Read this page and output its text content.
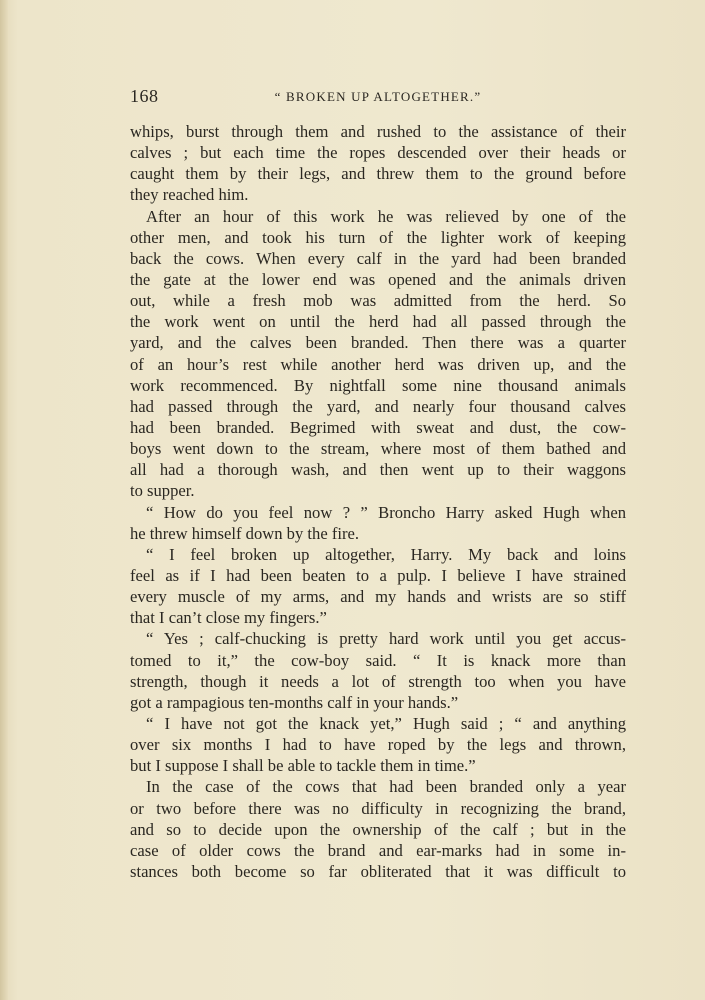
168	“ BROKEN UP ALTOGETHER.”
whips, burst through them and rushed to the assistance of their
calves ; but each time the ropes descended over their heads or
caught them by their legs, and threw them to the ground before
they reached him.
After an hour of this work he was relieved by one of the
other men, and took his turn of the lighter work of keeping
back the cows. When every calf in the yard had been branded
the gate at the lower end was opened and the animals driven
out, while a fresh mob was admitted from the herd. So
the work went on until the herd had all passed through the
yard, and the calves been branded. Then there was a quarter
of an hour’s rest while another herd was driven up, and the
work recommenced. By nightfall some nine thousand animals
had passed through the yard, and nearly four thousand calves
had been branded. Begrimed with sweat and dust, the cow-
boys went down to the stream, where most of them bathed and
all had a thorough wash, and then went up to their waggons
to supper.
“ How do you feel now ? ” Broncho Harry asked Hugh when
he threw himself down by the fire.
“ I feel broken up altogether, Harry. My back and loins
feel as if I had been beaten to a pulp. I believe I have strained
every muscle of my arms, and my hands and wrists are so stiff
that I can’t close my fingers.”
“ Yes ; calf-chucking is pretty hard work until you get accus-
tomed to it,” the cow-boy said. “ It is knack more than
strength, though it needs a lot of strength too when you have
got a rampagious ten-months calf in your hands.”
“ I have not got the knack yet,” Hugh said ; “ and anything
over six months I had to have roped by the legs and thrown,
but I suppose I shall be able to tackle them in time.”
In the case of the cows that had been branded only a year
or two before there was no difficulty in recognizing the brand,
and so to decide upon the ownership of the calf ; but in the
case of older cows the brand and ear-marks had in some in-
stances both become so far obliterated that it was difficult to
